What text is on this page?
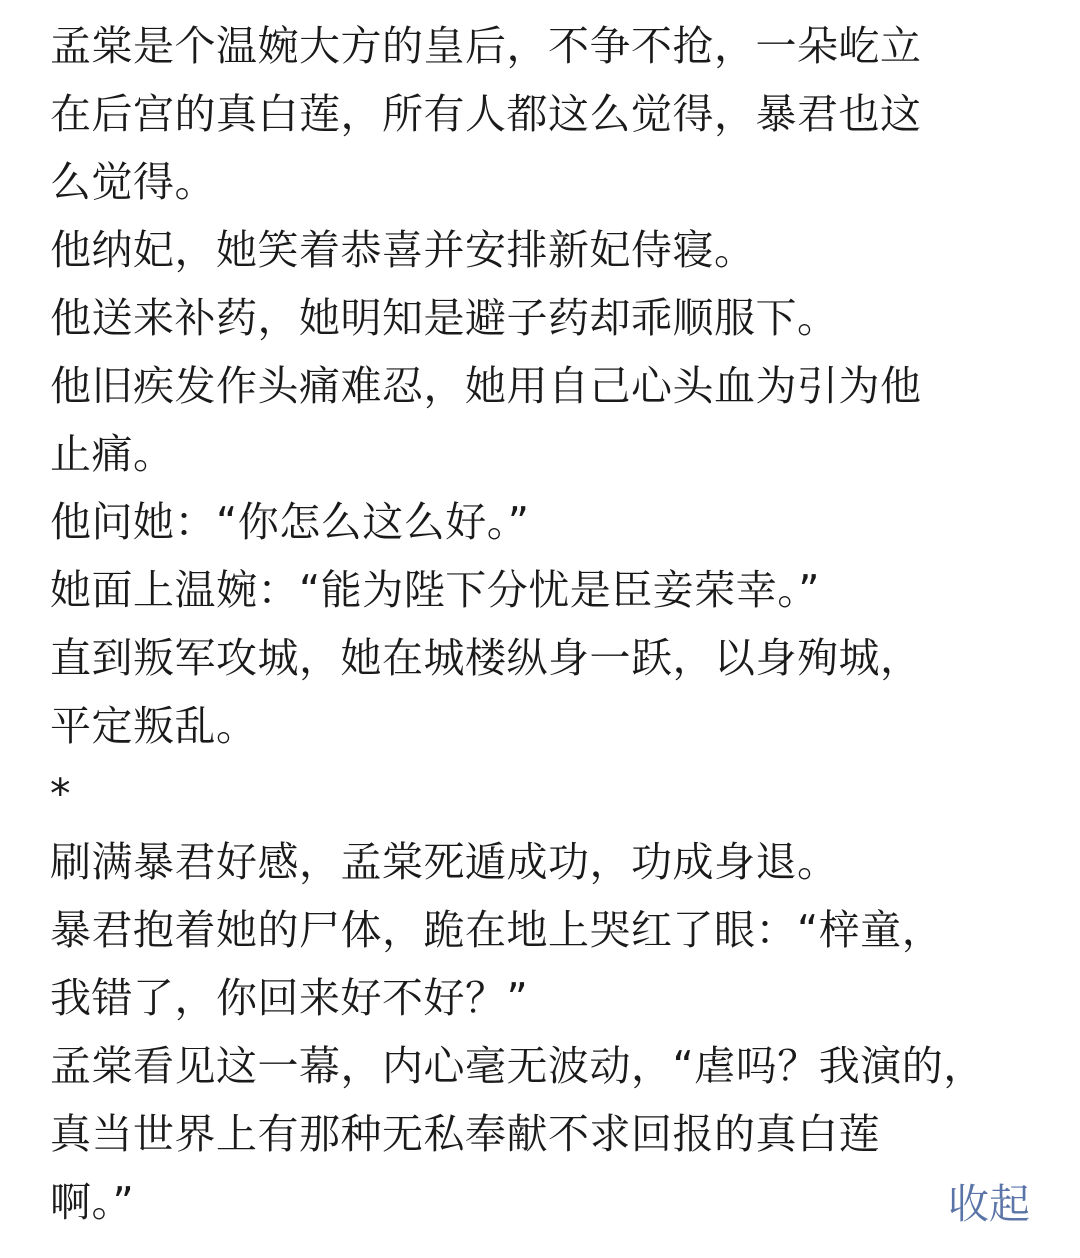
孟棠是个温婉大方的皇后，不争不抢，一朵屹立
在后宫的真白莲，所有人都这么觉得，暴君也这
么觉得。
他纳妃，她笑着恭喜并安排新妃侍寝。
他送来补药，她明知是避子药却乖顺服下。
他旧疾发作头痛难忍，她用自己心头血为引为他
止痛。
他问她：“你怎么这么好。”
她面上温婉：“能为陛下分忧是臣妾荣幸。”
直到叛军攻城，她在城楼纵身一跃，以身殉城，
平定叛乱。
*
刷满暴君好感，孟棠死遁成功，功成身退。
暴君抱着她的尸体，跪在地上哭红了眼：“梓童，
我错了，你回来好不好？”
孟棠看见这一幕，内心毫无波动，“虐吗？我演的，
真当世界上有那种无私奉献不求回报的真白莲
啊。”	收起
